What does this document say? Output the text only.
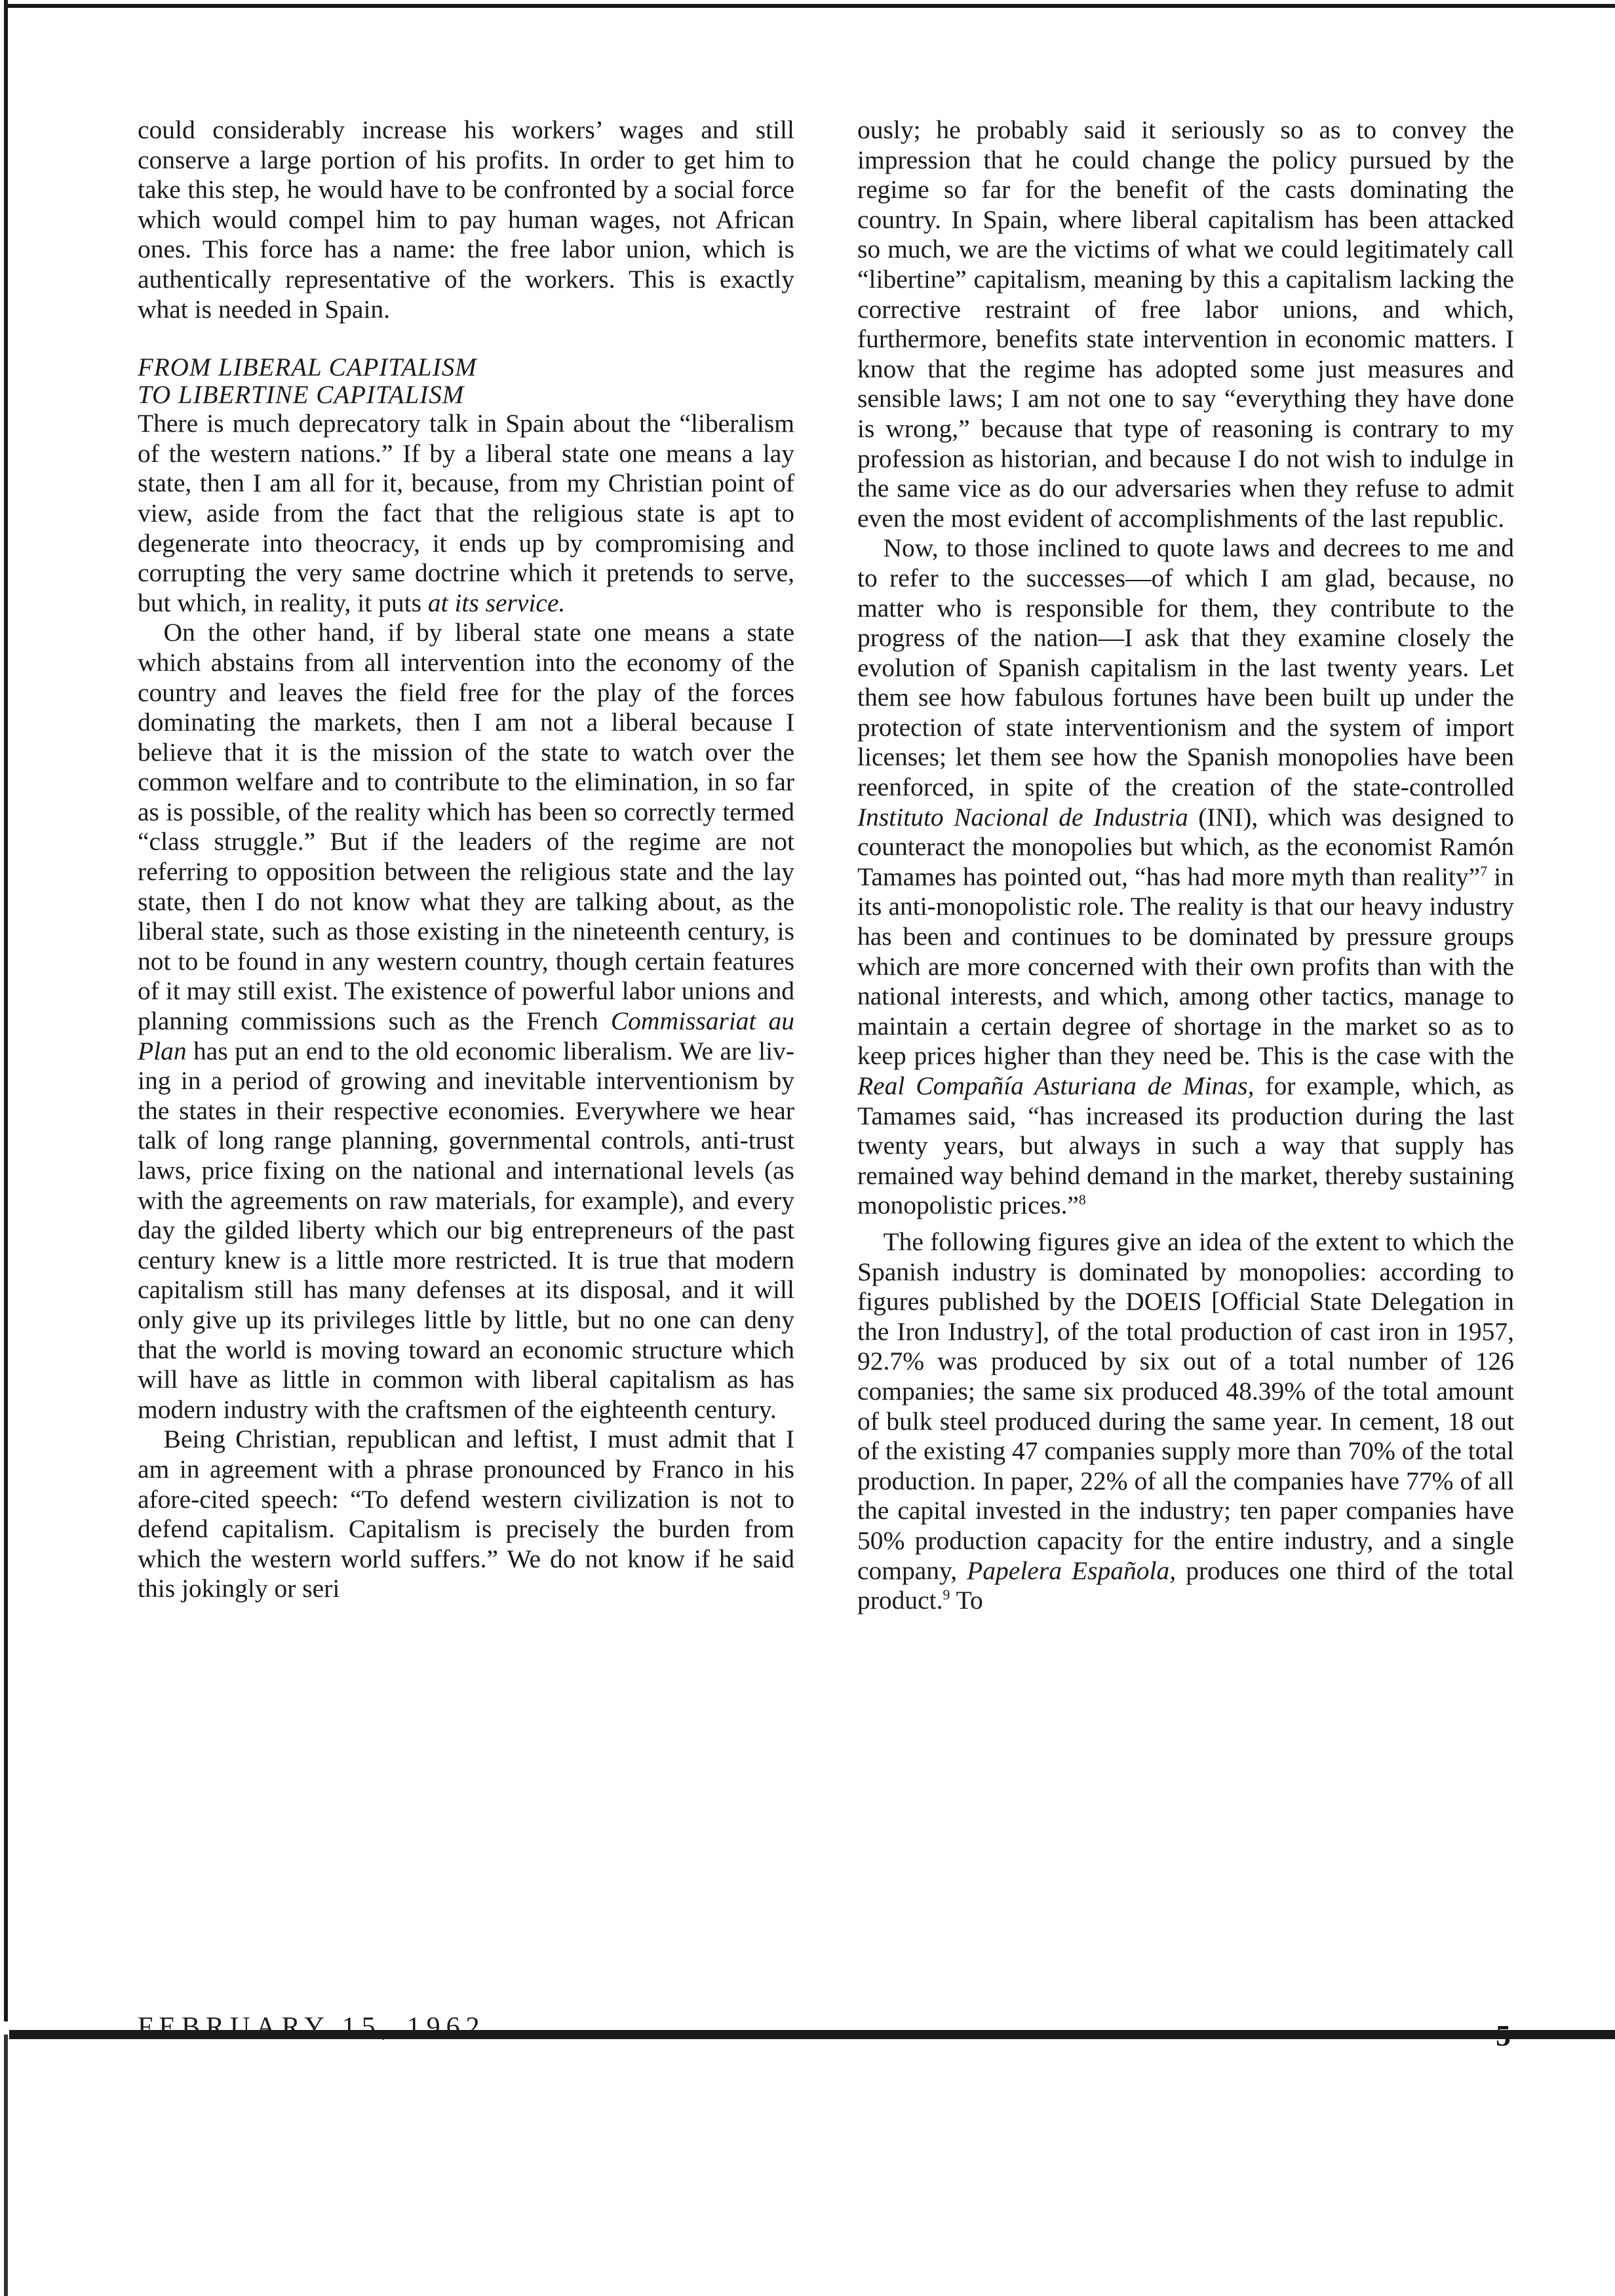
could considerably increase his workers’ wages and still conserve a large portion of his profits. In order to get him to take this step, he would have to be confronted by a social force which would compel him to pay human wages, not African ones. This force has a name: the free labor union, which is authentically representative of the workers. This is exactly what is needed in Spain.

FROM LIBERAL CAPITALISM
TO LIBERTINE CAPITALISM

There is much deprecatory talk in Spain about the “liberalism of the western nations.” If by a liberal state one means a lay state, then I am all for it, because, from my Christian point of view, aside from the fact that the religious state is apt to degenerate into theocracy, it ends up by compromising and corrupting the very same doctrine which it pretends to serve, but which, in reality, it puts at its service.

On the other hand, if by liberal state one means a state which abstains from all intervention into the economy of the country and leaves the field free for the play of the forces dominating the markets, then I am not a liberal because I believe that it is the mission of the state to watch over the common welfare and to contribute to the elimination, in so far as is possible, of the reality which has been so correctly termed “class struggle.” But if the leaders of the regime are not referring to opposition between the religious state and the lay state, then I do not know what they are talking about, as the liberal state, such as those existing in the nineteenth century, is not to be found in any western country, though certain features of it may still exist. The existence of powerful labor unions and planning commissions such as the French Commissariat au Plan has put an end to the old economic liberalism. We are living in a period of growing and inevitable interventionism by the states in their respective economies. Everywhere we hear talk of long range planning, governmental controls, anti-trust laws, price fixing on the national and international levels (as with the agreements on raw materials, for example), and every day the gilded liberty which our big entrepreneurs of the past century knew is a little more restricted. It is true that modern capitalism still has many defenses at its disposal, and it will only give up its privileges little by little, but no one can deny that the world is moving toward an economic structure which will have as little in common with liberal capitalism as has modern industry with the craftsmen of the eighteenth century.

Being Christian, republican and leftist, I must admit that I am in agreement with a phrase pronounced by Franco in his afore-cited speech: “To defend western civilization is not to defend capitalism. Capitalism is precisely the burden from which the western world suffers.” We do not know if he said this jokingly or seri

ously; he probably said it seriously so as to convey the impression that he could change the policy pursued by the regime so far for the benefit of the casts dominating the country. In Spain, where liberal capitalism has been attacked so much, we are the victims of what we could legitimately call “libertine” capitalism, meaning by this a capitalism lacking the corrective restraint of free labor unions, and which, furthermore, benefits state intervention in economic matters. I know that the regime has adopted some just measures and sensible laws; I am not one to say “everything they have done is wrong,” because that type of reasoning is contrary to my profession as historian, and because I do not wish to indulge in the same vice as do our adversaries when they refuse to admit even the most evident of accomplishments of the last republic.

Now, to those inclined to quote laws and decrees to me and to refer to the successes—of which I am glad, because, no matter who is responsible for them, they contribute to the progress of the nation—I ask that they examine closely the evolution of Spanish capitalism in the last twenty years. Let them see how fabulous fortunes have been built up under the protection of state interventionism and the system of import licenses; let them see how the Spanish monopolies have been reenforced, in spite of the creation of the state-controlled Instituto Nacional de Industria (INI), which was designed to counteract the monopolies but which, as the economist Ramón Tamames has pointed out, “has had more myth than reality”$^7$ in its anti-monopolistic role. The reality is that our heavy industry has been and continues to be dominated by pressure groups which are more concerned with their own profits than with the national interests, and which, among other tactics, manage to maintain a certain degree of shortage in the market so as to keep prices higher than they need be. This is the case with the Real Compañía Asturiana de Minas, for example, which, as Tamames said, “has increased its production during the last twenty years, but always in such a way that supply has remained way behind demand in the market, thereby sustaining monopolistic prices.”$^8$

The following figures give an idea of the extent to which the Spanish industry is dominated by monopolies: according to figures published by the DOEIS [Official State Delegation in the Iron Industry], of the total production of cast iron in 1957, 92.7% was produced by six out of a total number of 126 companies; the same six produced 48.39% of the total amount of bulk steel produced during the same year. In cement, 18 out of the existing 47 companies supply more than 70% of the total production. In paper, 22% of all the companies have 77% of all the capital invested in the industry; ten paper companies have 50% production capacity for the entire industry, and a single company, Papelera Española, produces one third of the total product.$^9$ To

FEBRUARY 15, 1962	5
